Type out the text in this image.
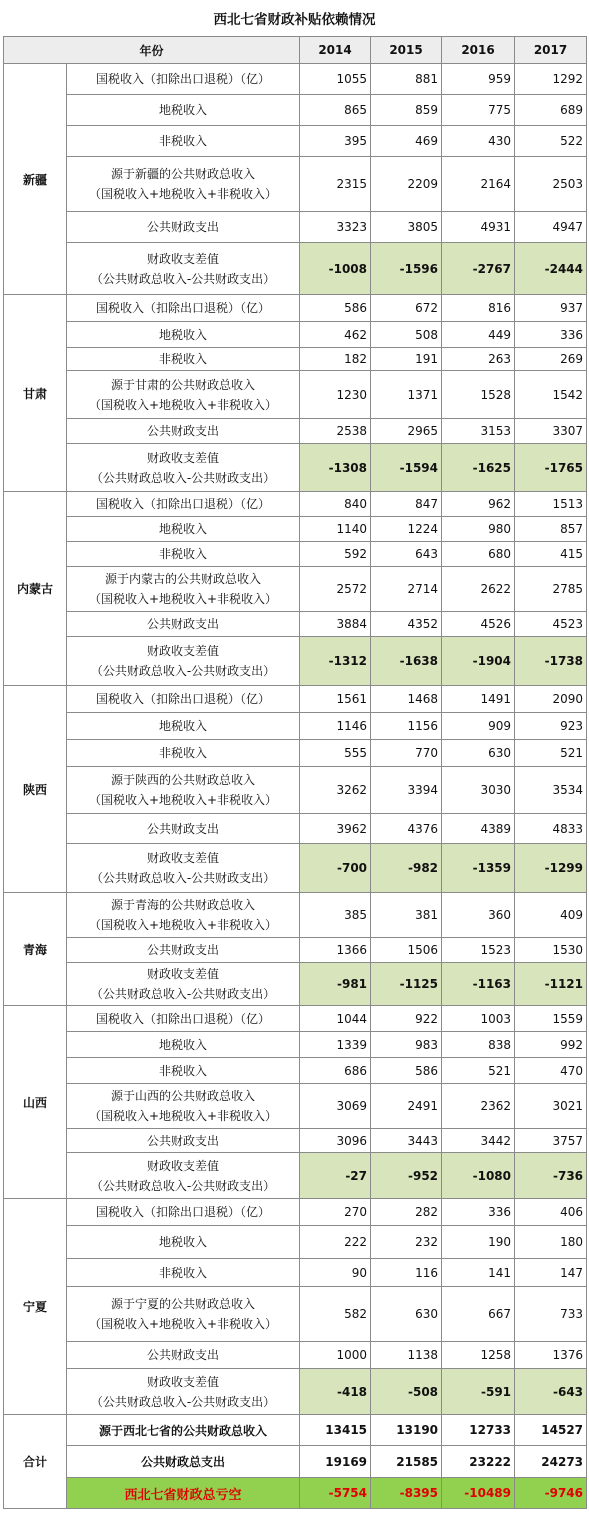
西北七省财政补贴依赖情况
年份		2014	2015	2016	2017
新疆	国税收入（扣除出口退税）（亿）	1055	881	959	1292

	地税收入	865	859	775	689

	非税收入	395	469	430	522

	源于新疆的公共财政总收入
（国税收入+地税收入+非税收入）	2315	2209	2164	2503

	公共财政支出	3323	3805	4931	4947

	财政收支差值
（公共财政总收入-公共财政支出）	-1008	-1596	-2767	-2444
甘肃	国税收入（扣除出口退税）（亿）	586	672	816	937

	地税收入	462	508	449	336

	非税收入	182	191	263	269

	源于甘肃的公共财政总收入
（国税收入+地税收入+非税收入）	1230	1371	1528	1542

	公共财政支出	2538	2965	3153	3307

	财政收支差值
（公共财政总收入-公共财政支出）	-1308	-1594	-1625	-1765
内蒙古	国税收入（扣除出口退税）（亿）	840	847	962	1513

	地税收入	1140	1224	980	857

	非税收入	592	643	680	415

	源于内蒙古的公共财政总收入
（国税收入+地税收入+非税收入）	2572	2714	2622	2785

	公共财政支出	3884	4352	4526	4523

	财政收支差值
（公共财政总收入-公共财政支出）	-1312	-1638	-1904	-1738
陕西	国税收入（扣除出口退税）（亿）	1561	1468	1491	2090

	地税收入	1146	1156	909	923

	非税收入	555	770	630	521

	源于陕西的公共财政总收入
（国税收入+地税收入+非税收入）	3262	3394	3030	3534

	公共财政支出	3962	4376	4389	4833

	财政收支差值
（公共财政总收入-公共财政支出）	-700	-982	-1359	-1299
青海	源于青海的公共财政总收入
（国税收入+地税收入+非税收入）	385	381	360	409

	公共财政支出	1366	1506	1523	1530

	财政收支差值
（公共财政总收入-公共财政支出）	-981	-1125	-1163	-1121
山西	国税收入（扣除出口退税）（亿）	1044	922	1003	1559

	地税收入	1339	983	838	992

	非税收入	686	586	521	470

	源于山西的公共财政总收入
（国税收入+地税收入+非税收入）	3069	2491	2362	3021

	公共财政支出	3096	3443	3442	3757

	财政收支差值
（公共财政总收入-公共财政支出）	-27	-952	-1080	-736
宁夏	国税收入（扣除出口退税）（亿）	270	282	336	406

	地税收入	222	232	190	180

	非税收入	90	116	141	147

	源于宁夏的公共财政总收入
（国税收入+地税收入+非税收入）	582	630	667	733

	公共财政支出	1000	1138	1258	1376

	财政收支差值
（公共财政总收入-公共财政支出）	-418	-508	-591	-643
合计	源于西北七省的公共财政总收入	13415	13190	12733	14527
	公共财政总支出	19169	21585	23222	24273
	西北七省财政总亏空	-5754	-8395	-10489	-9746
